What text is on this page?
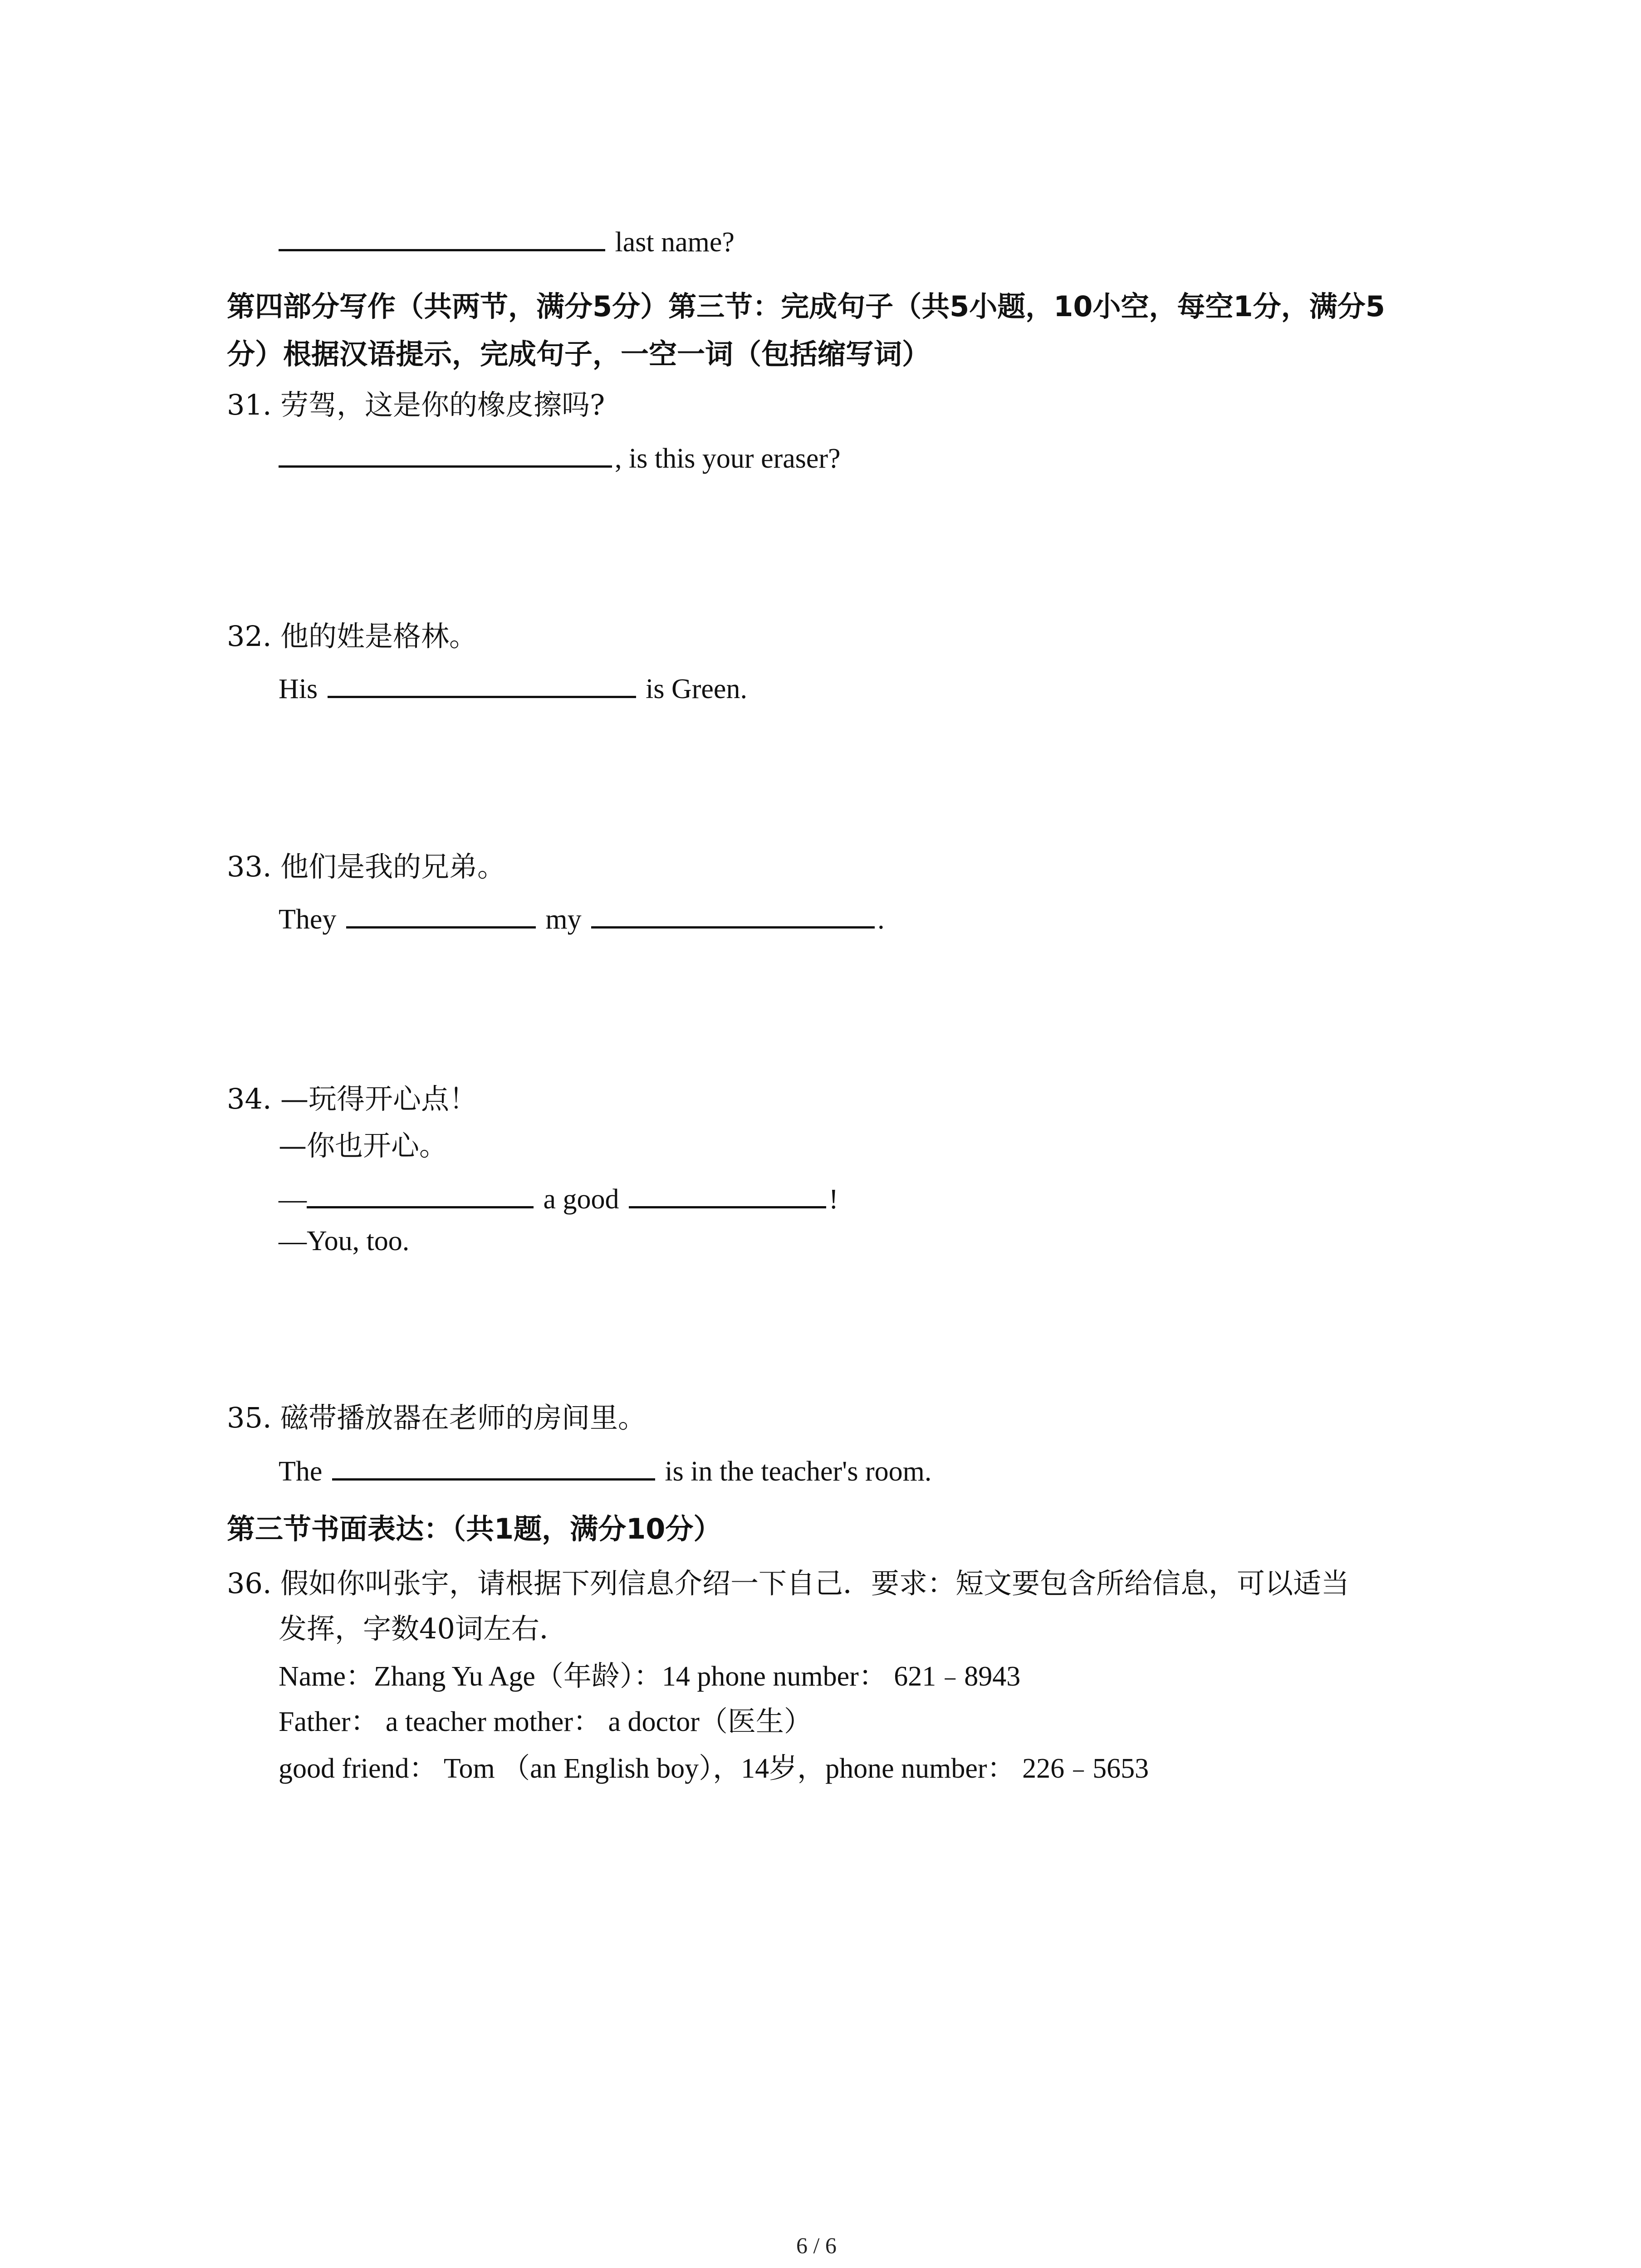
last name?
第四部分写作（共两节，满分5分）第三节：完成句子（共5小题，10小空，每空1分，满分5
分）根据汉语提示，完成句子，一空一词（包括缩写词）
31. 劳驾，这是你的橡皮擦吗?
, is this your eraser?
32. 他的姓是格林。
His	is Green.
33. 他们是我的兄弟。
They	my	.
34. —玩得开心点！
—你也开心。
—	a good	!
—You, too.
35. 磁带播放器在老师的房间里。
The	is in the teacher's room.
第三节书面表达：（共1题，满分10分）
36. 假如你叫张宇，请根据下列信息介绍一下自己．要求：短文要包含所给信息，可以适当
发挥，字数40词左右．
Name：Zhang Yu Age（年龄）：14 phone number： 621﹣8943
Father： a teacher mother： a doctor（医生）
good friend： Tom （an English boy），14岁，phone number： 226﹣5653
6 / 6
